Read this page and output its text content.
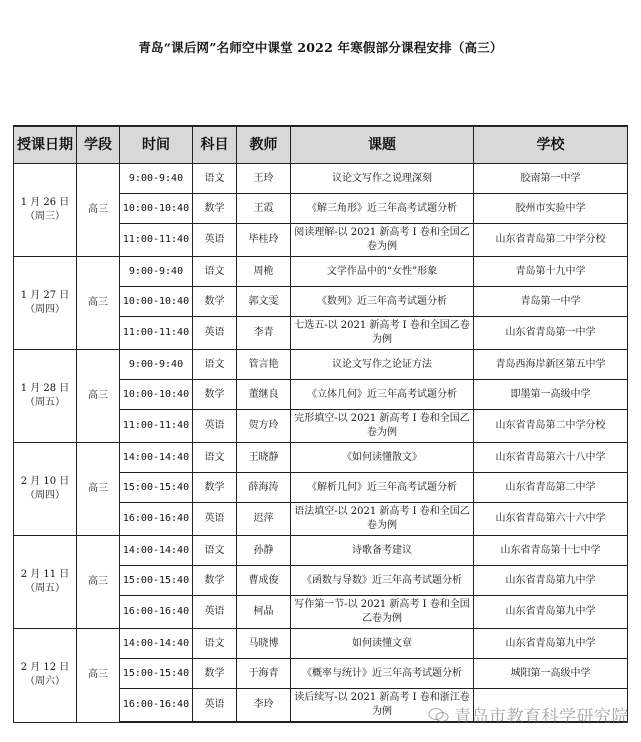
青岛“课后网”名师空中课堂 2022 年寒假部分课程安排（高三）
授课日期	学段	时间	科目	教师	课题	学校

1 月 26 日
（周三）	高三	9:00-9:40	语文	王玲	议论文写作之说理深刻	胶南第一中学
		10:00-10:40	数学	王霞	《解三角形》近三年高考试题分析	胶州市实验中学
		11:00-11:40	英语	毕桂玲	阅读理解-以 2021 新高考 I 卷和全国乙卷为例	山东省青岛第二中学分校

1 月 27 日
（周四）	高三	9:00-9:40	语文	周桅	文学作品中的“女性”形象	青岛第十九中学
		10:00-10:40	数学	郭文雯	《数列》近三年高考试题分析	青岛第一中学
		11:00-11:40	英语	李青	七选五-以 2021 新高考 I 卷和全国乙卷为例	山东省青岛第一中学

1 月 28 日
（周五）	高三	9:00-9:40	语文	管言艳	议论文写作之论证方法	青岛西海岸新区第五中学
		10:00-10:40	数学	董继良	《立体几何》近三年高考试题分析	即墨第一高级中学
		11:00-11:40	英语	贺方玲	完形填空-以 2021 新高考 I 卷和全国乙卷为例	山东省青岛第二中学分校

2 月 10 日
（周四）	高三	14:00-14:40	语文	王晓静	《如何读懂散文》	山东省青岛第六十八中学
		15:00-15:40	数学	薛海涛	《解析几何》近三年高考试题分析	山东省青岛第二中学
		16:00-16:40	英语	迟萍	语法填空-以 2021 新高考 I 卷和全国乙卷为例	山东省青岛第六十六中学

2 月 11 日
（周五）	高三	14:00-14:40	语文	孙静	诗歌备考建议	山东省青岛第十七中学
		15:00-15:40	数学	曹成俊	《函数与导数》近三年高考试题分析	山东省青岛第九中学
		16:00-16:40	英语	柯晶	写作第一节-以 2021 新高考 I 卷和全国乙卷为例	山东省青岛第九中学

2 月 12 日
（周六）	高三	14:00-14:40	语文	马晓博	如何读懂文章	山东省青岛第九中学
		15:00-15:40	数学	于海青	《概率与统计》近三年高考试题分析	城阳第一高级中学
		16:00-16:40	英语	李玲	读后续写-以 2021 新高考 I 卷和浙江卷为例		青岛市教育科学研究院
